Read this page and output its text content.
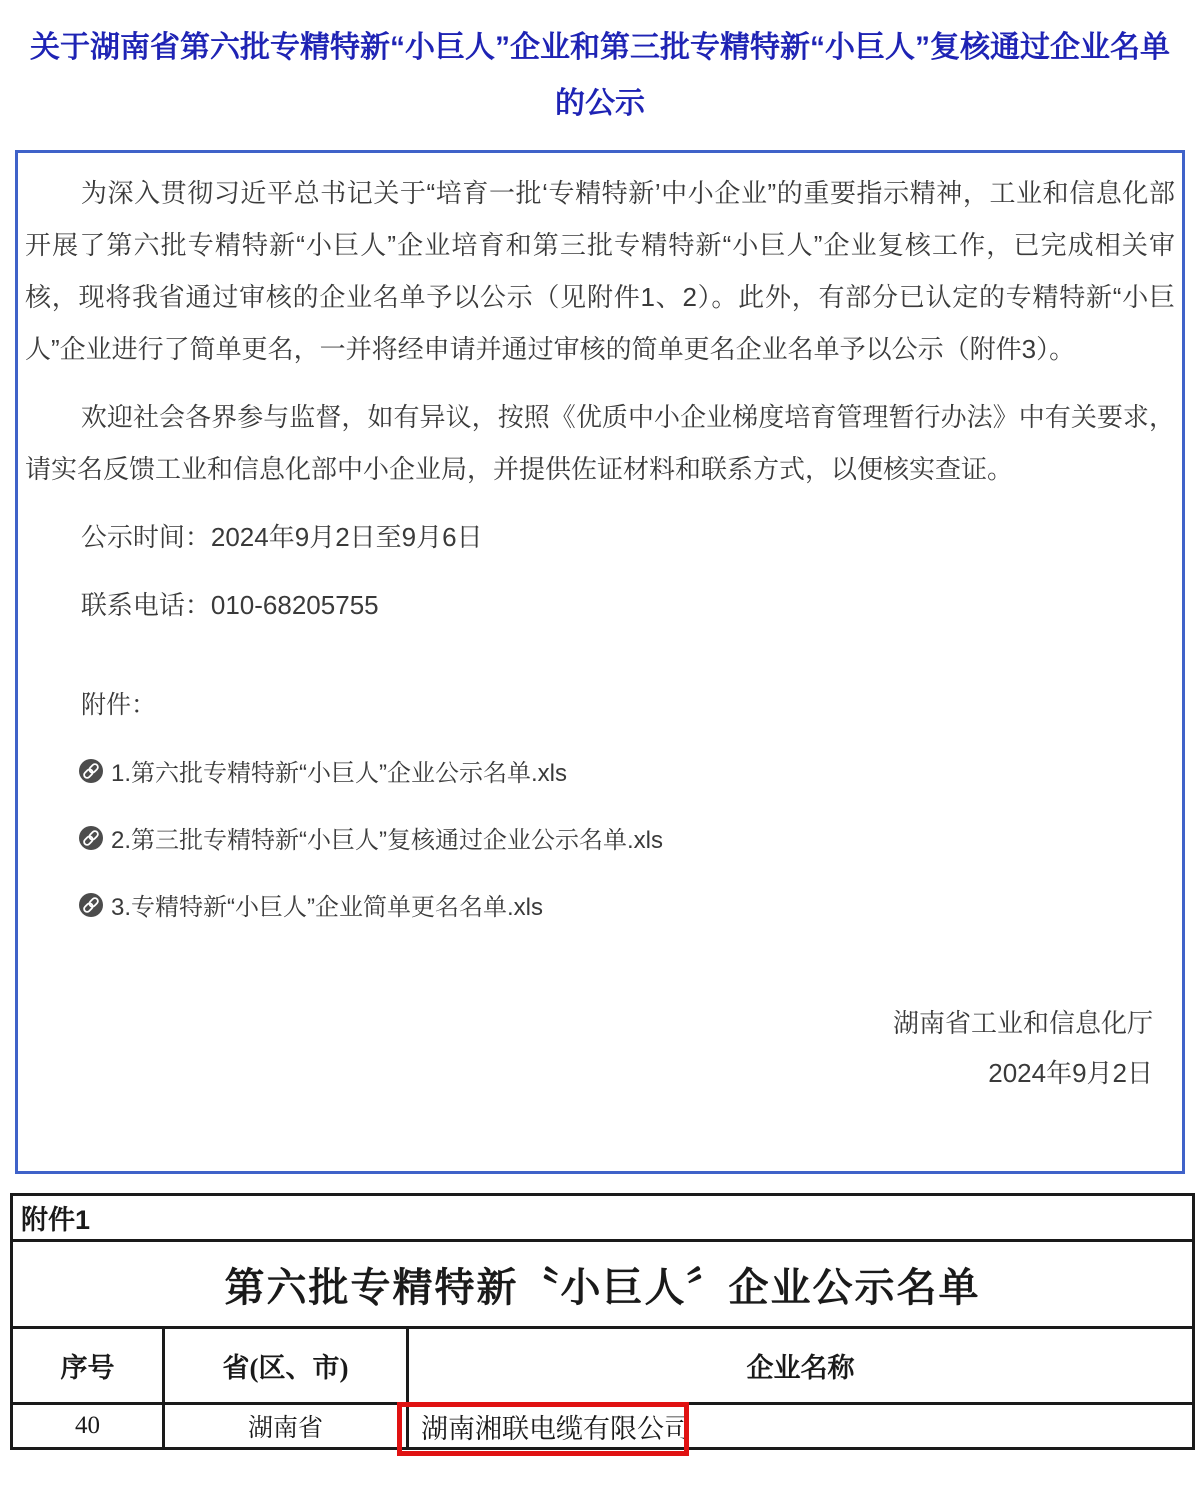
关于湖南省第六批专精特新“小巨人”企业和第三批专精特新“小巨人”复核通过企业名单的公示

为深入贯彻习近平总书记关于“培育一批‘专精特新’中小企业”的重要指示精神，工业和信息化部开展了第六批专精特新“小巨人”企业培育和第三批专精特新“小巨人”企业复核工作，已完成相关审核，现将我省通过审核的企业名单予以公示（见附件1、2）。此外，有部分已认定的专精特新“小巨人”企业进行了简单更名，一并将经申请并通过审核的简单更名企业名单予以公示（附件3）。

欢迎社会各界参与监督，如有异议，按照《优质中小企业梯度培育管理暂行办法》中有关要求，请实名反馈工业和信息化部中小企业局，并提供佐证材料和联系方式，以便核实查证。

公示时间：2024年9月2日至9月6日

联系电话：010-68205755

附件：

1.第六批专精特新“小巨人”企业公示名单.xls
2.第三批专精特新“小巨人”复核通过企业公示名单.xls
3.专精特新“小巨人”企业简单更名名单.xls
湖南省工业和信息化厅
2024年9月2日
附件1		
第六批专精特新〝小巨人〞企业公示名单		
序号	省(区、市)	企业名称
40	湖南省	湖南湘联电缆有限公司
